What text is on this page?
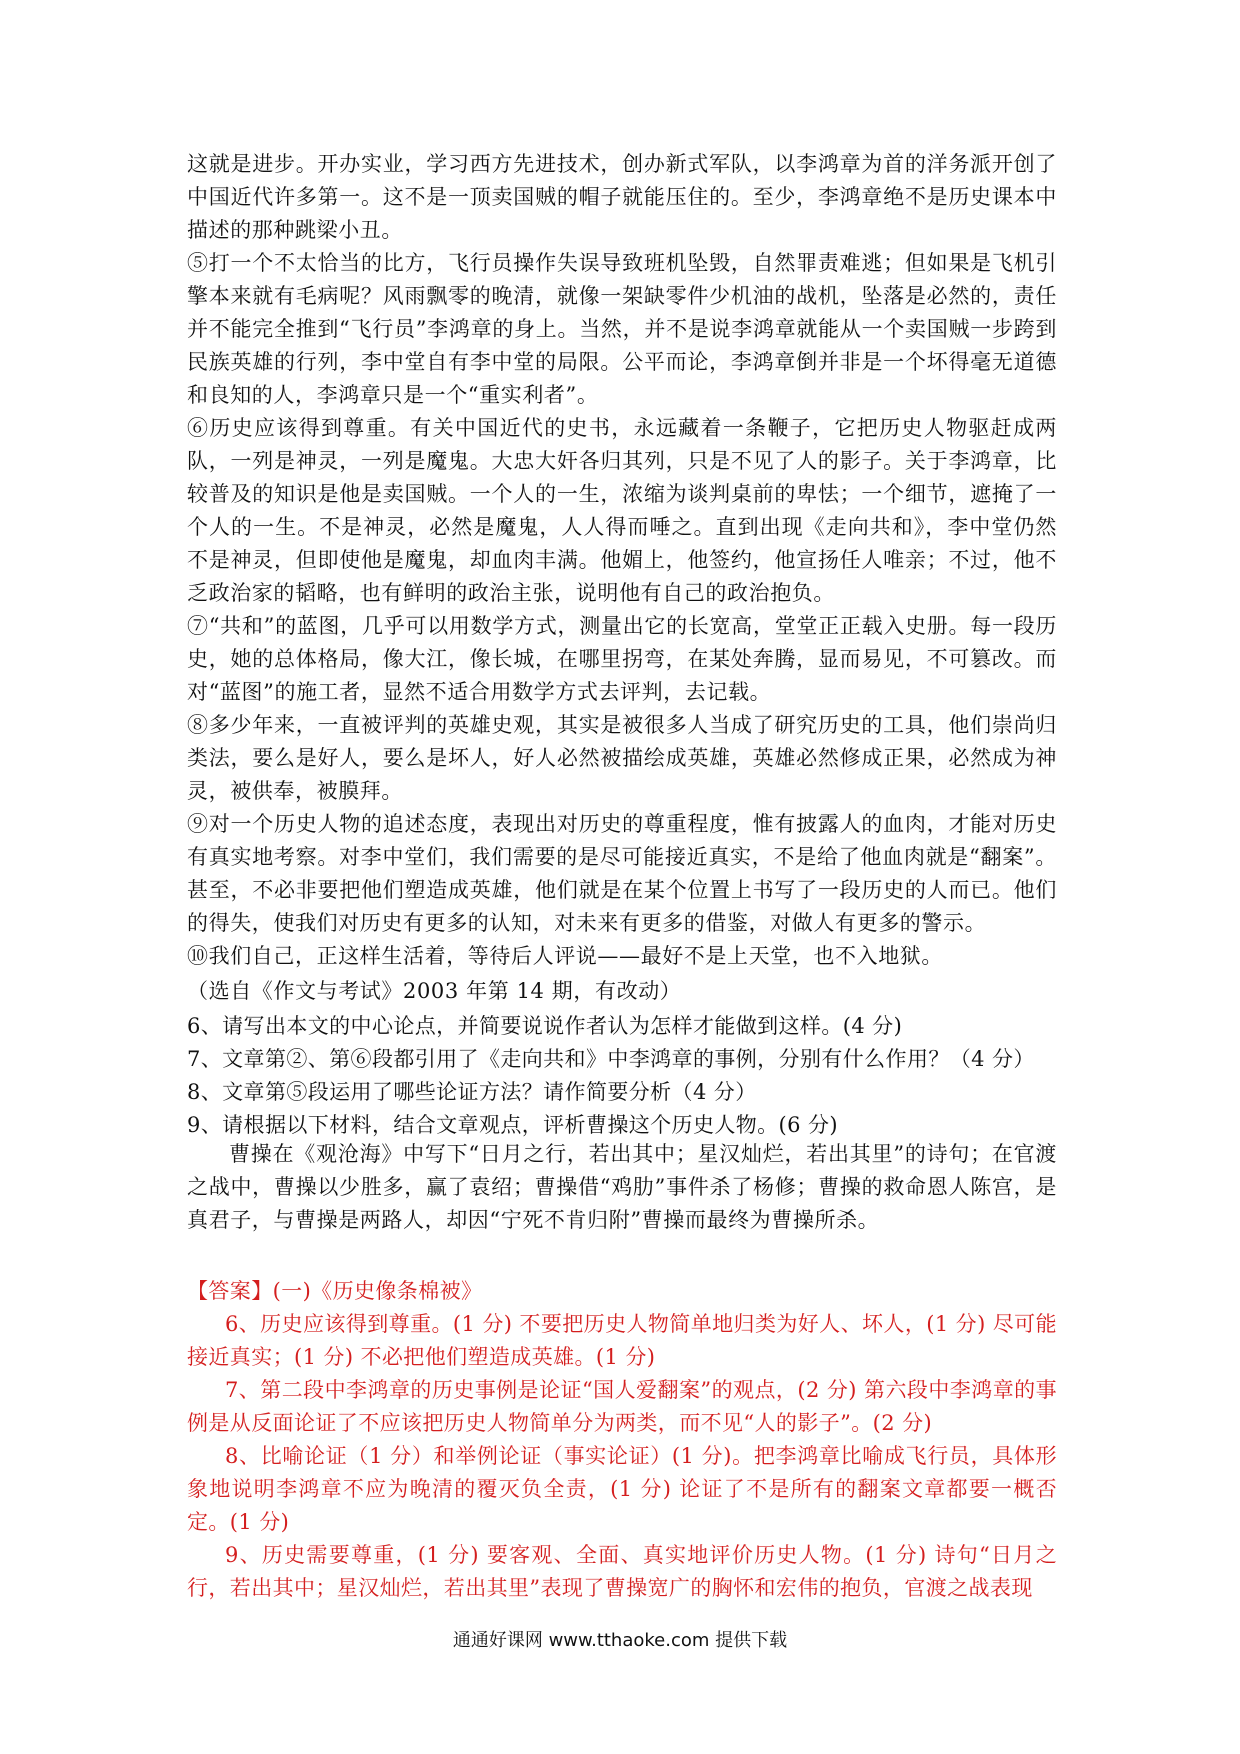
这就是进步。开办实业，学习西方先进技术，创办新式军队，以李鸿章为首的洋务派开创了中国近代许多第一。这不是一顶卖国贼的帽子就能压住的。至少，李鸿章绝不是历史课本中描述的那种跳梁小丑。

⑤打一个不太恰当的比方，飞行员操作失误导致班机坠毁，自然罪责难逃；但如果是飞机引擎本来就有毛病呢？风雨飘零的晚清，就像一架缺零件少机油的战机，坠落是必然的，责任并不能完全推到“飞行员”李鸿章的身上。当然，并不是说李鸿章就能从一个卖国贼一步跨到民族英雄的行列，李中堂自有李中堂的局限。公平而论，李鸿章倒并非是一个坏得毫无道德和良知的人，李鸿章只是一个“重实利者”。

⑥历史应该得到尊重。有关中国近代的史书，永远藏着一条鞭子，它把历史人物驱赶成两队，一列是神灵，一列是魔鬼。大忠大奸各归其列，只是不见了人的影子。关于李鸿章，比较普及的知识是他是卖国贼。一个人的一生，浓缩为谈判桌前的卑怯；一个细节，遮掩了一个人的一生。不是神灵，必然是魔鬼，人人得而唾之。直到出现《走向共和》，李中堂仍然不是神灵，但即使他是魔鬼，却血肉丰满。他媚上，他签约，他宣扬任人唯亲；不过，他不乏政治家的韬略，也有鲜明的政治主张，说明他有自己的政治抱负。

⑦“共和”的蓝图，几乎可以用数学方式，测量出它的长宽高，堂堂正正载入史册。每一段历史，她的总体格局，像大江，像长城，在哪里拐弯，在某处奔腾，显而易见，不可篡改。而对“蓝图”的施工者，显然不适合用数学方式去评判，去记载。

⑧多少年来，一直被评判的英雄史观，其实是被很多人当成了研究历史的工具，他们崇尚归类法，要么是好人，要么是坏人，好人必然被描绘成英雄，英雄必然修成正果，必然成为神灵，被供奉，被膜拜。

⑨对一个历史人物的追述态度，表现出对历史的尊重程度，惟有披露人的血肉，才能对历史有真实地考察。对李中堂们，我们需要的是尽可能接近真实，不是给了他血肉就是“翻案”。甚至，不必非要把他们塑造成英雄，他们就是在某个位置上书写了一段历史的人而已。他们的得失，使我们对历史有更多的认知，对未来有更多的借鉴，对做人有更多的警示。

⑩我们自己，正这样生活着，等待后人评说——最好不是上天堂，也不入地狱。

（选自《作文与考试》2003 年第 14 期，有改动）

6、请写出本文的中心论点，并简要说说作者认为怎样才能做到这样。(4 分)

7、文章第②、第⑥段都引用了《走向共和》中李鸿章的事例，分别有什么作用？（4 分）

8、文章第⑤段运用了哪些论证方法？请作简要分析（4 分）

9、请根据以下材料，结合文章观点，评析曹操这个历史人物。(6 分)

曹操在《观沧海》中写下“日月之行，若出其中；星汉灿烂，若出其里”的诗句；在官渡之战中，曹操以少胜多，赢了袁绍；曹操借“鸡肋”事件杀了杨修；曹操的救命恩人陈宫，是真君子，与曹操是两路人，却因“宁死不肯归附”曹操而最终为曹操所杀。

【答案】(一)《历史像条棉被》

6、历史应该得到尊重。(1 分) 不要把历史人物简单地归类为好人、坏人，(1 分) 尽可能接近真实；(1 分) 不必把他们塑造成英雄。(1 分)

7、第二段中李鸿章的历史事例是论证“国人爱翻案”的观点，(2 分) 第六段中李鸿章的事例是从反面论证了不应该把历史人物简单分为两类，而不见“人的影子”。(2 分)

8、比喻论证（1 分）和举例论证（事实论证）(1 分)。把李鸿章比喻成飞行员，具体形象地说明李鸿章不应为晚清的覆灭负全责，(1 分) 论证了不是所有的翻案文章都要一概否定。(1 分)

9、历史需要尊重，(1 分) 要客观、全面、真实地评价历史人物。(1 分) 诗句“日月之行，若出其中；星汉灿烂，若出其里”表现了曹操宽广的胸怀和宏伟的抱负，官渡之战表现

通通好课网 www.tthaoke.com 提供下载
